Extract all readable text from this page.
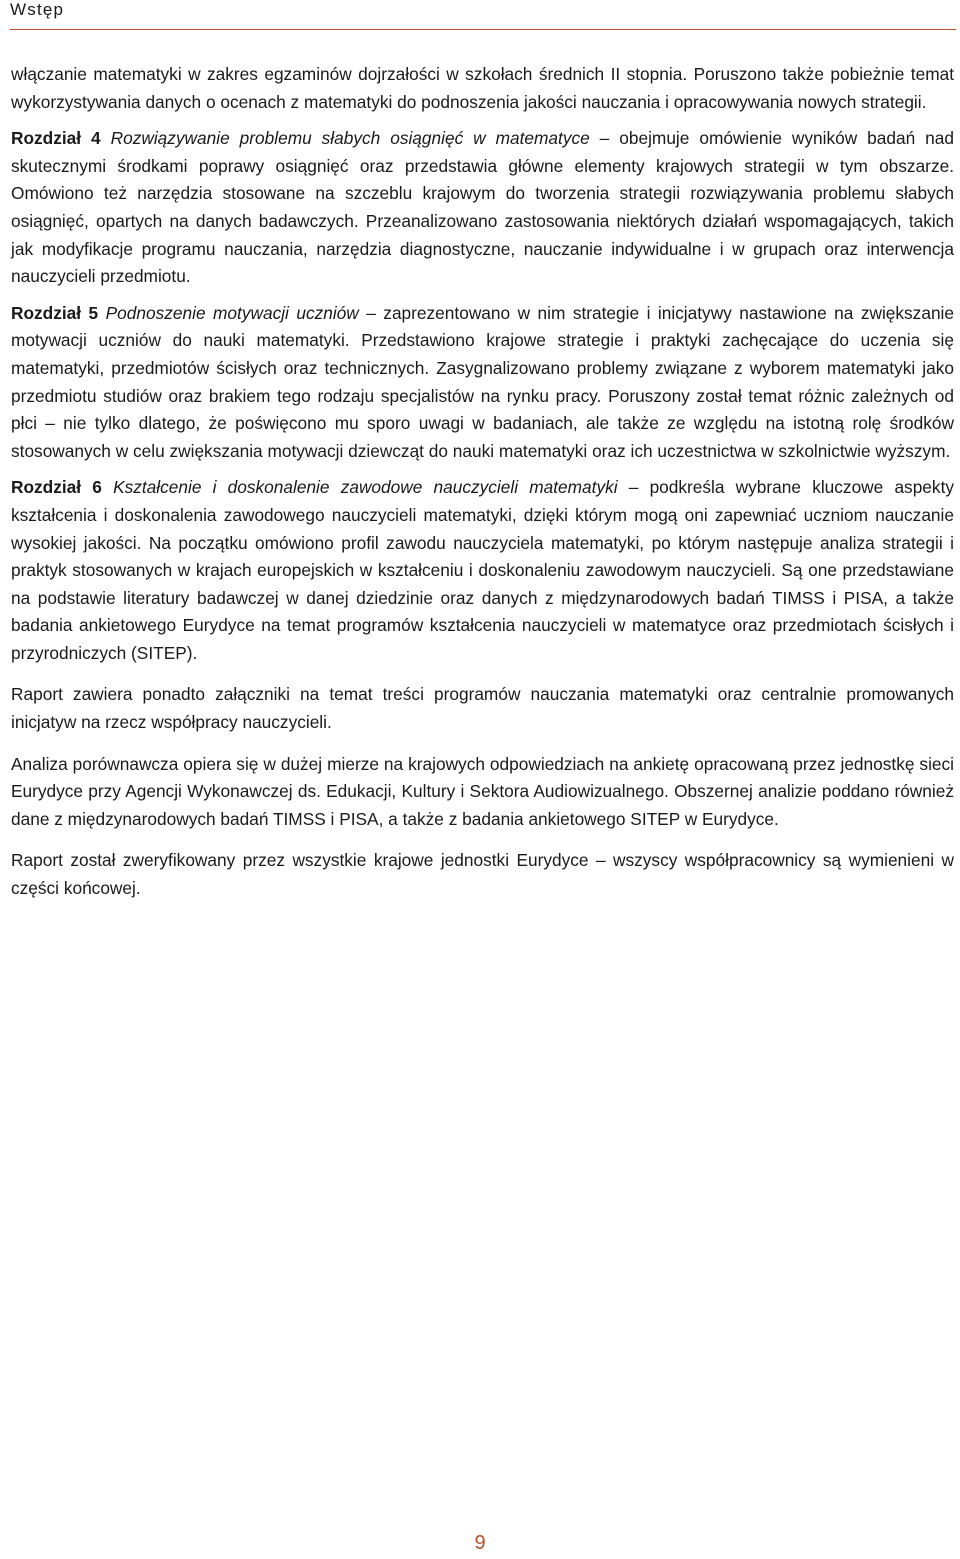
Wstęp

włączanie matematyki w zakres egzaminów dojrzałości w szkołach średnich II stopnia. Poruszono także pobieżnie temat wykorzystywania danych o ocenach z matematyki do podnoszenia jakości nauczania i opracowywania nowych strategii.

Rozdział 4 Rozwiązywanie problemu słabych osiągnięć w matematyce – obejmuje omówienie wyników badań nad skutecznymi środkami poprawy osiągnięć oraz przedstawia główne elementy krajowych strategii w tym obszarze. Omówiono też narzędzia stosowane na szczeblu krajowym do tworzenia strategii rozwiązywania problemu słabych osiągnięć, opartych na danych badawczych. Przeanalizowano zastosowania niektórych działań wspomagających, takich jak modyfikacje programu nauczania, narzędzia diagnostyczne, nauczanie indywidualne i w grupach oraz interwencja nauczycieli przedmiotu.

Rozdział 5 Podnoszenie motywacji uczniów – zaprezentowano w nim strategie i inicjatywy nastawione na zwiększanie motywacji uczniów do nauki matematyki. Przedstawiono krajowe strategie i praktyki zachęcające do uczenia się matematyki, przedmiotów ścisłych oraz technicznych. Zasygnalizowano problemy związane z wyborem matematyki jako przedmiotu studiów oraz brakiem tego rodzaju specjalistów na rynku pracy. Poruszony został temat różnic zależnych od płci – nie tylko dlatego, że poświęcono mu sporo uwagi w badaniach, ale także ze względu na istotną rolę środków stosowanych w celu zwiększania motywacji dziewcząt do nauki matematyki oraz ich uczestnictwa w szkolnictwie wyższym.

Rozdział 6 Kształcenie i doskonalenie zawodowe nauczycieli matematyki – podkreśla wybrane kluczowe aspekty kształcenia i doskonalenia zawodowego nauczycieli matematyki, dzięki którym mogą oni zapewniać uczniom nauczanie wysokiej jakości. Na początku omówiono profil zawodu nauczyciela matematyki, po którym następuje analiza strategii i praktyk stosowanych w krajach europejskich w kształceniu i doskonaleniu zawodowym nauczycieli. Są one przedstawiane na podstawie literatury badawczej w danej dziedzinie oraz danych z międzynarodowych badań TIMSS i PISA, a także badania ankietowego Eurydyce na temat programów kształcenia nauczycieli w matematyce oraz przedmiotach ścisłych i przyrodniczych (SITEP).

Raport zawiera ponadto załączniki na temat treści programów nauczania matematyki oraz centralnie promowanych inicjatyw na rzecz współpracy nauczycieli.

Analiza porównawcza opiera się w dużej mierze na krajowych odpowiedziach na ankietę opracowaną przez jednostkę sieci Eurydyce przy Agencji Wykonawczej ds. Edukacji, Kultury i Sektora Audiowizualnego. Obszernej analizie poddano również dane z międzynarodowych badań TIMSS i PISA, a także z badania ankietowego SITEP w Eurydyce.

Raport został zweryfikowany przez wszystkie krajowe jednostki Eurydyce – wszyscy współpracownicy są wymienieni w części końcowej.

9
